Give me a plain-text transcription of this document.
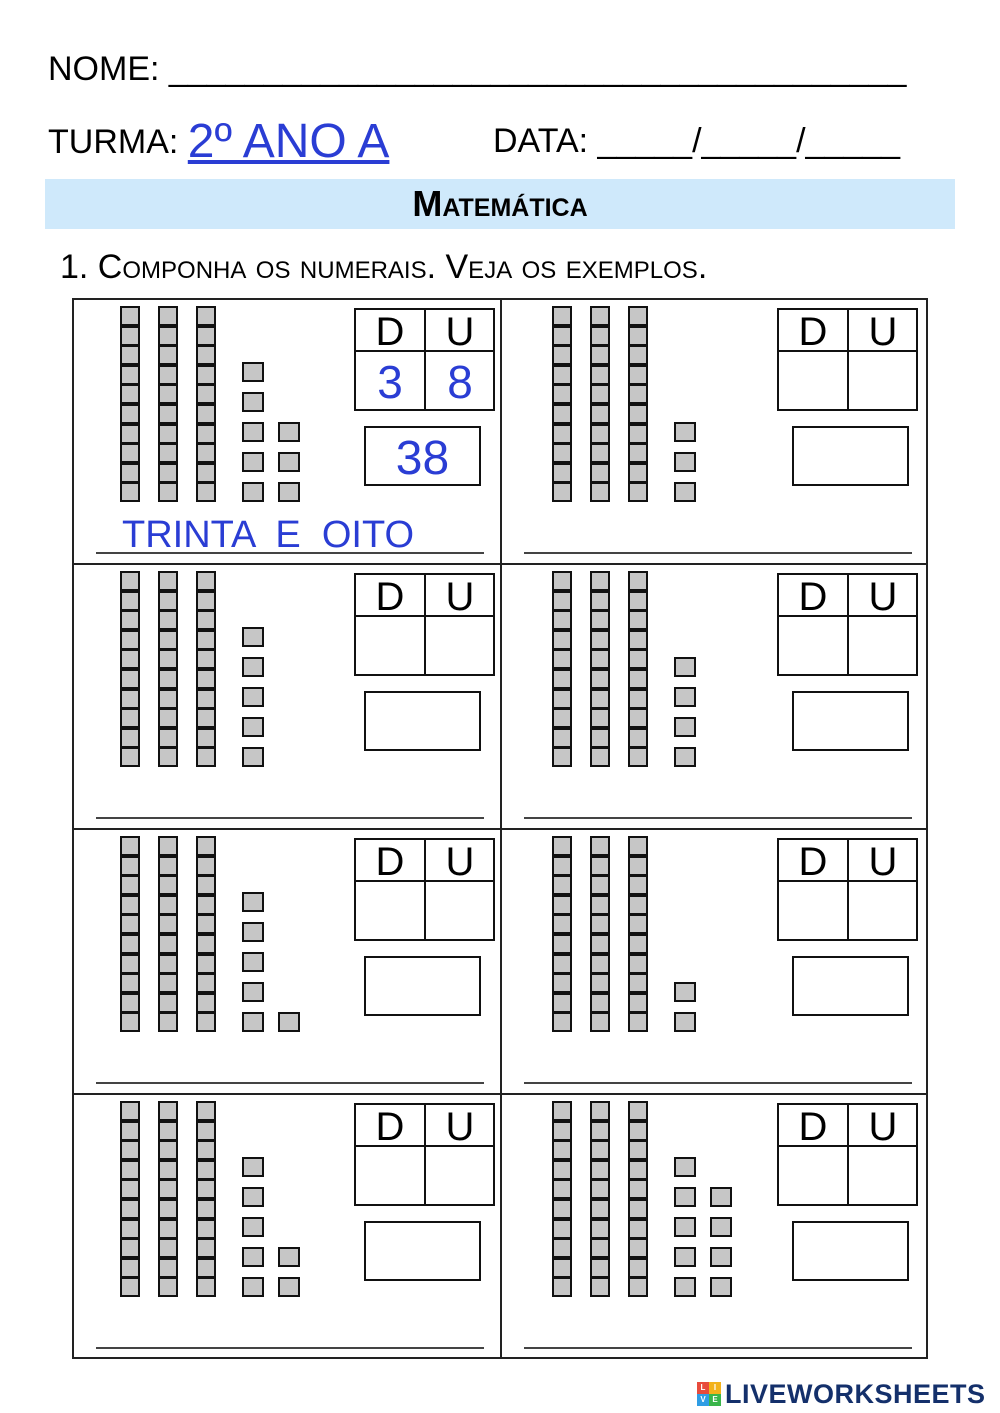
NOME: _______________________________________
TURMA: 2º ANO A	DATA: _____/_____/_____
Matemática
1. Componha os numerais. Veja os exemplos.
D	U
3 8
38
TRINTA  E  OITO
D	U
D	U	D	U
D	U	D	U
D	U	D	U
L	I
V E LIVEWORKSHEETS
